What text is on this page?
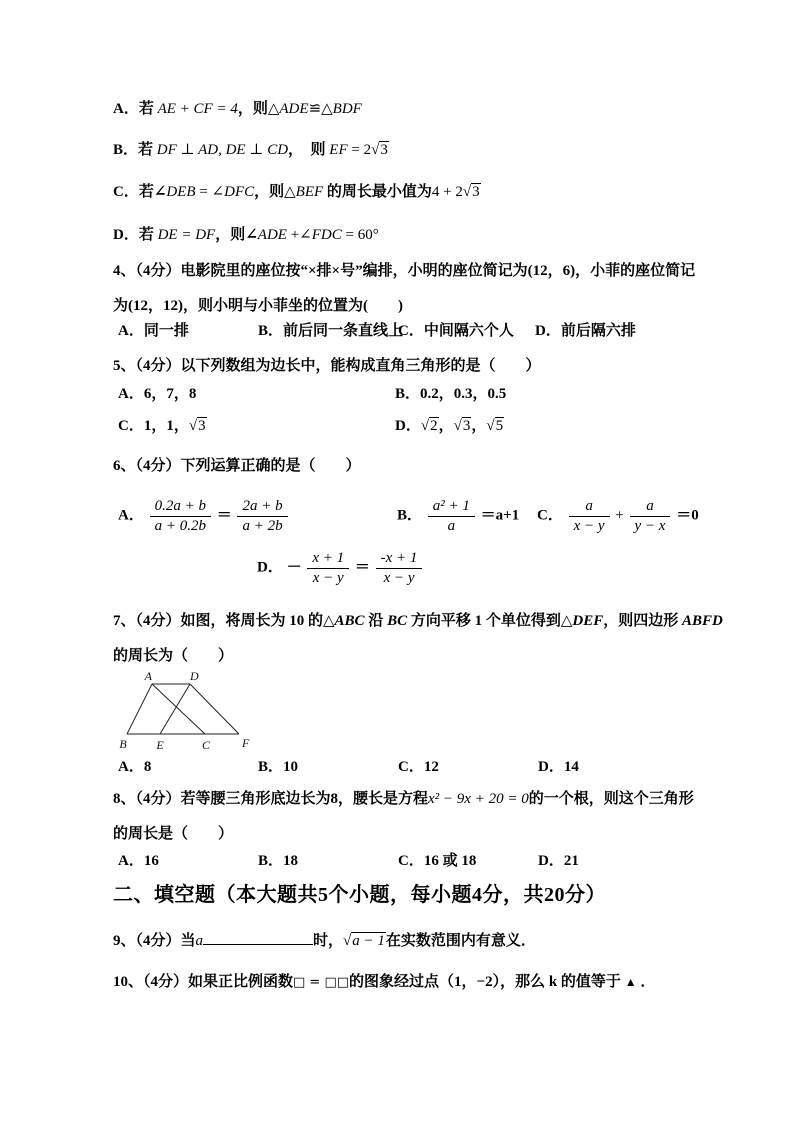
A．若 AE + CF = 4，则△ADE≌△BDF
B．若 DF ⊥ AD, DE ⊥ CD，　则 EF = 2√3
C．若∠DEB = ∠DFC，则△BEF 的周长最小值为4 + 2√3
D．若 DE = DF，则∠ADE +∠FDC = 60°
4、（4分）电影院里的座位按“×排×号”编排，小明的座位简记为(12，6)，小菲的座位简记
为(12，12)，则小明与小菲坐的位置为(　　)
A．同一排	B．前后同一条直线上
C．中间隔六个人 D．前后隔六排
5、（4分）以下列数组为边长中，能构成直角三角形的是（　　）
A．6，7，8	B．0.2，0.3，0.5
C．1，1，√3	D．√2，√3，√5
6、（4分）下列运算正确的是（　　）
A． $\frac{0.2a + b}{a + 0.2b} = \frac{2a + b}{a + 2b}$	B． $\frac{\text{a² + 1}}{a} =a+1$ C． $\frac{a}{x - y} + \frac{a}{y - x} =0$
D． － $\frac{x + 1}{x - y} = \frac{-x + 1}{x - y}$
7、（4分）如图，将周长为 10 的△ABC 沿 BC 方向平移 1 个单位得到△DEF，则四边形 ABFD
的周长为（　　）
A	D
B E	C	F
A．8	B．10	C．12	D．14
8、（4分）若等腰三角形底边长为8，腰长是方程x² − 9x + 20 = 0的一个根，则这个三角形
的周长是（　　）
A．16	B．18	C．16 或 18	D．21
二、填空题（本大题共5个小题，每小题4分，共20分）
9、（4分）当a	时，√a − 1在实数范围内有意义．
10、（4分）如果正比例函数□ = □□的图象经过点（1，−2），那么 k 的值等于 ▲ ．
